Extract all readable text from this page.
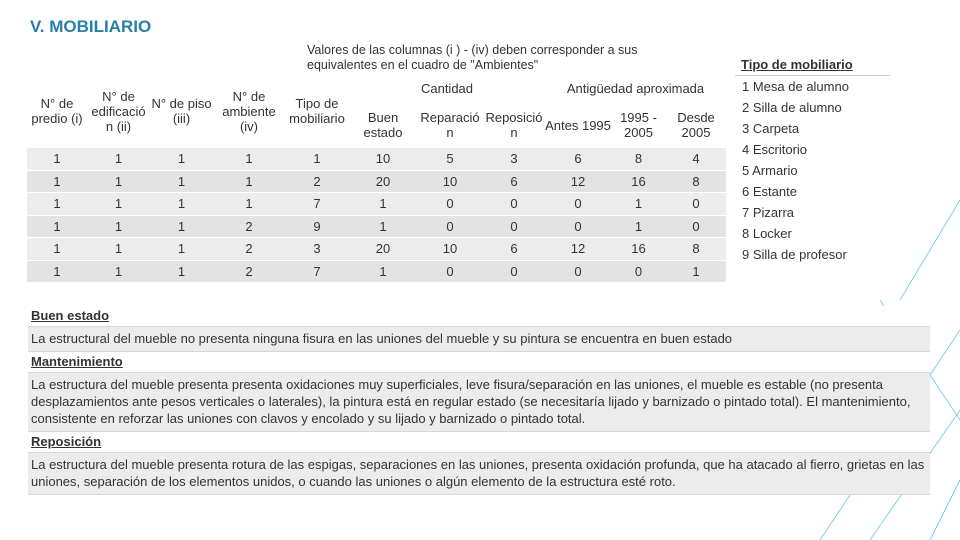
V. MOBILIARIO
Valores de las columnas (i ) - (iv) deben corresponder a sus equivalentes en el cuadro de "Ambientes"
N° de predio (i)	N° de edificació n (ii)	N° de piso (iii)	N° de ambiente (iv)	Tipo de mobiliario	Cantidad			Antigüedad aproximada		
					Buen estado	Reparació n	Reposició n	Antes 1995	1995 - 2005	Desde 2005
1	1	1	1	1	10	5	3	6	8	4
1	1	1	1	2	20	10	6	12	16	8
1	1	1	1	7	1	0	0	0	1	0
1	1	1	2	9	1	0	0	0	1	0
1	1	1	2	3	20	10	6	12	16	8
1	1	1	2	7	1	0	0	0	0	1
Tipo de mobiliario
1 Mesa de alumno
2 Silla de alumno
3 Carpeta
4 Escritorio
5 Armario
6 Estante
7 Pizarra
8 Locker
9 Silla de profesor
Buen estado
La estructural del mueble no presenta ninguna fisura en las uniones del mueble y su pintura se encuentra en buen estado
Mantenimiento
La estructura del mueble presenta presenta oxidaciones muy superficiales, leve fisura/separación en las uniones, el mueble es estable (no presenta desplazamientos ante pesos verticales o laterales), la pintura está en regular estado (se necesitaría lijado y barnizado o pintado total). El mantenimiento, consistente en reforzar las uniones con clavos y encolado y su lijado y barnizado o pintado total.
Reposición
La estructura del mueble presenta rotura de las espigas, separaciones en las uniones, presenta oxidación profunda, que ha atacado al fierro, grietas en las uniones, separación de los elementos unidos, o cuando las uniones o algún elemento de la estructura esté roto.
